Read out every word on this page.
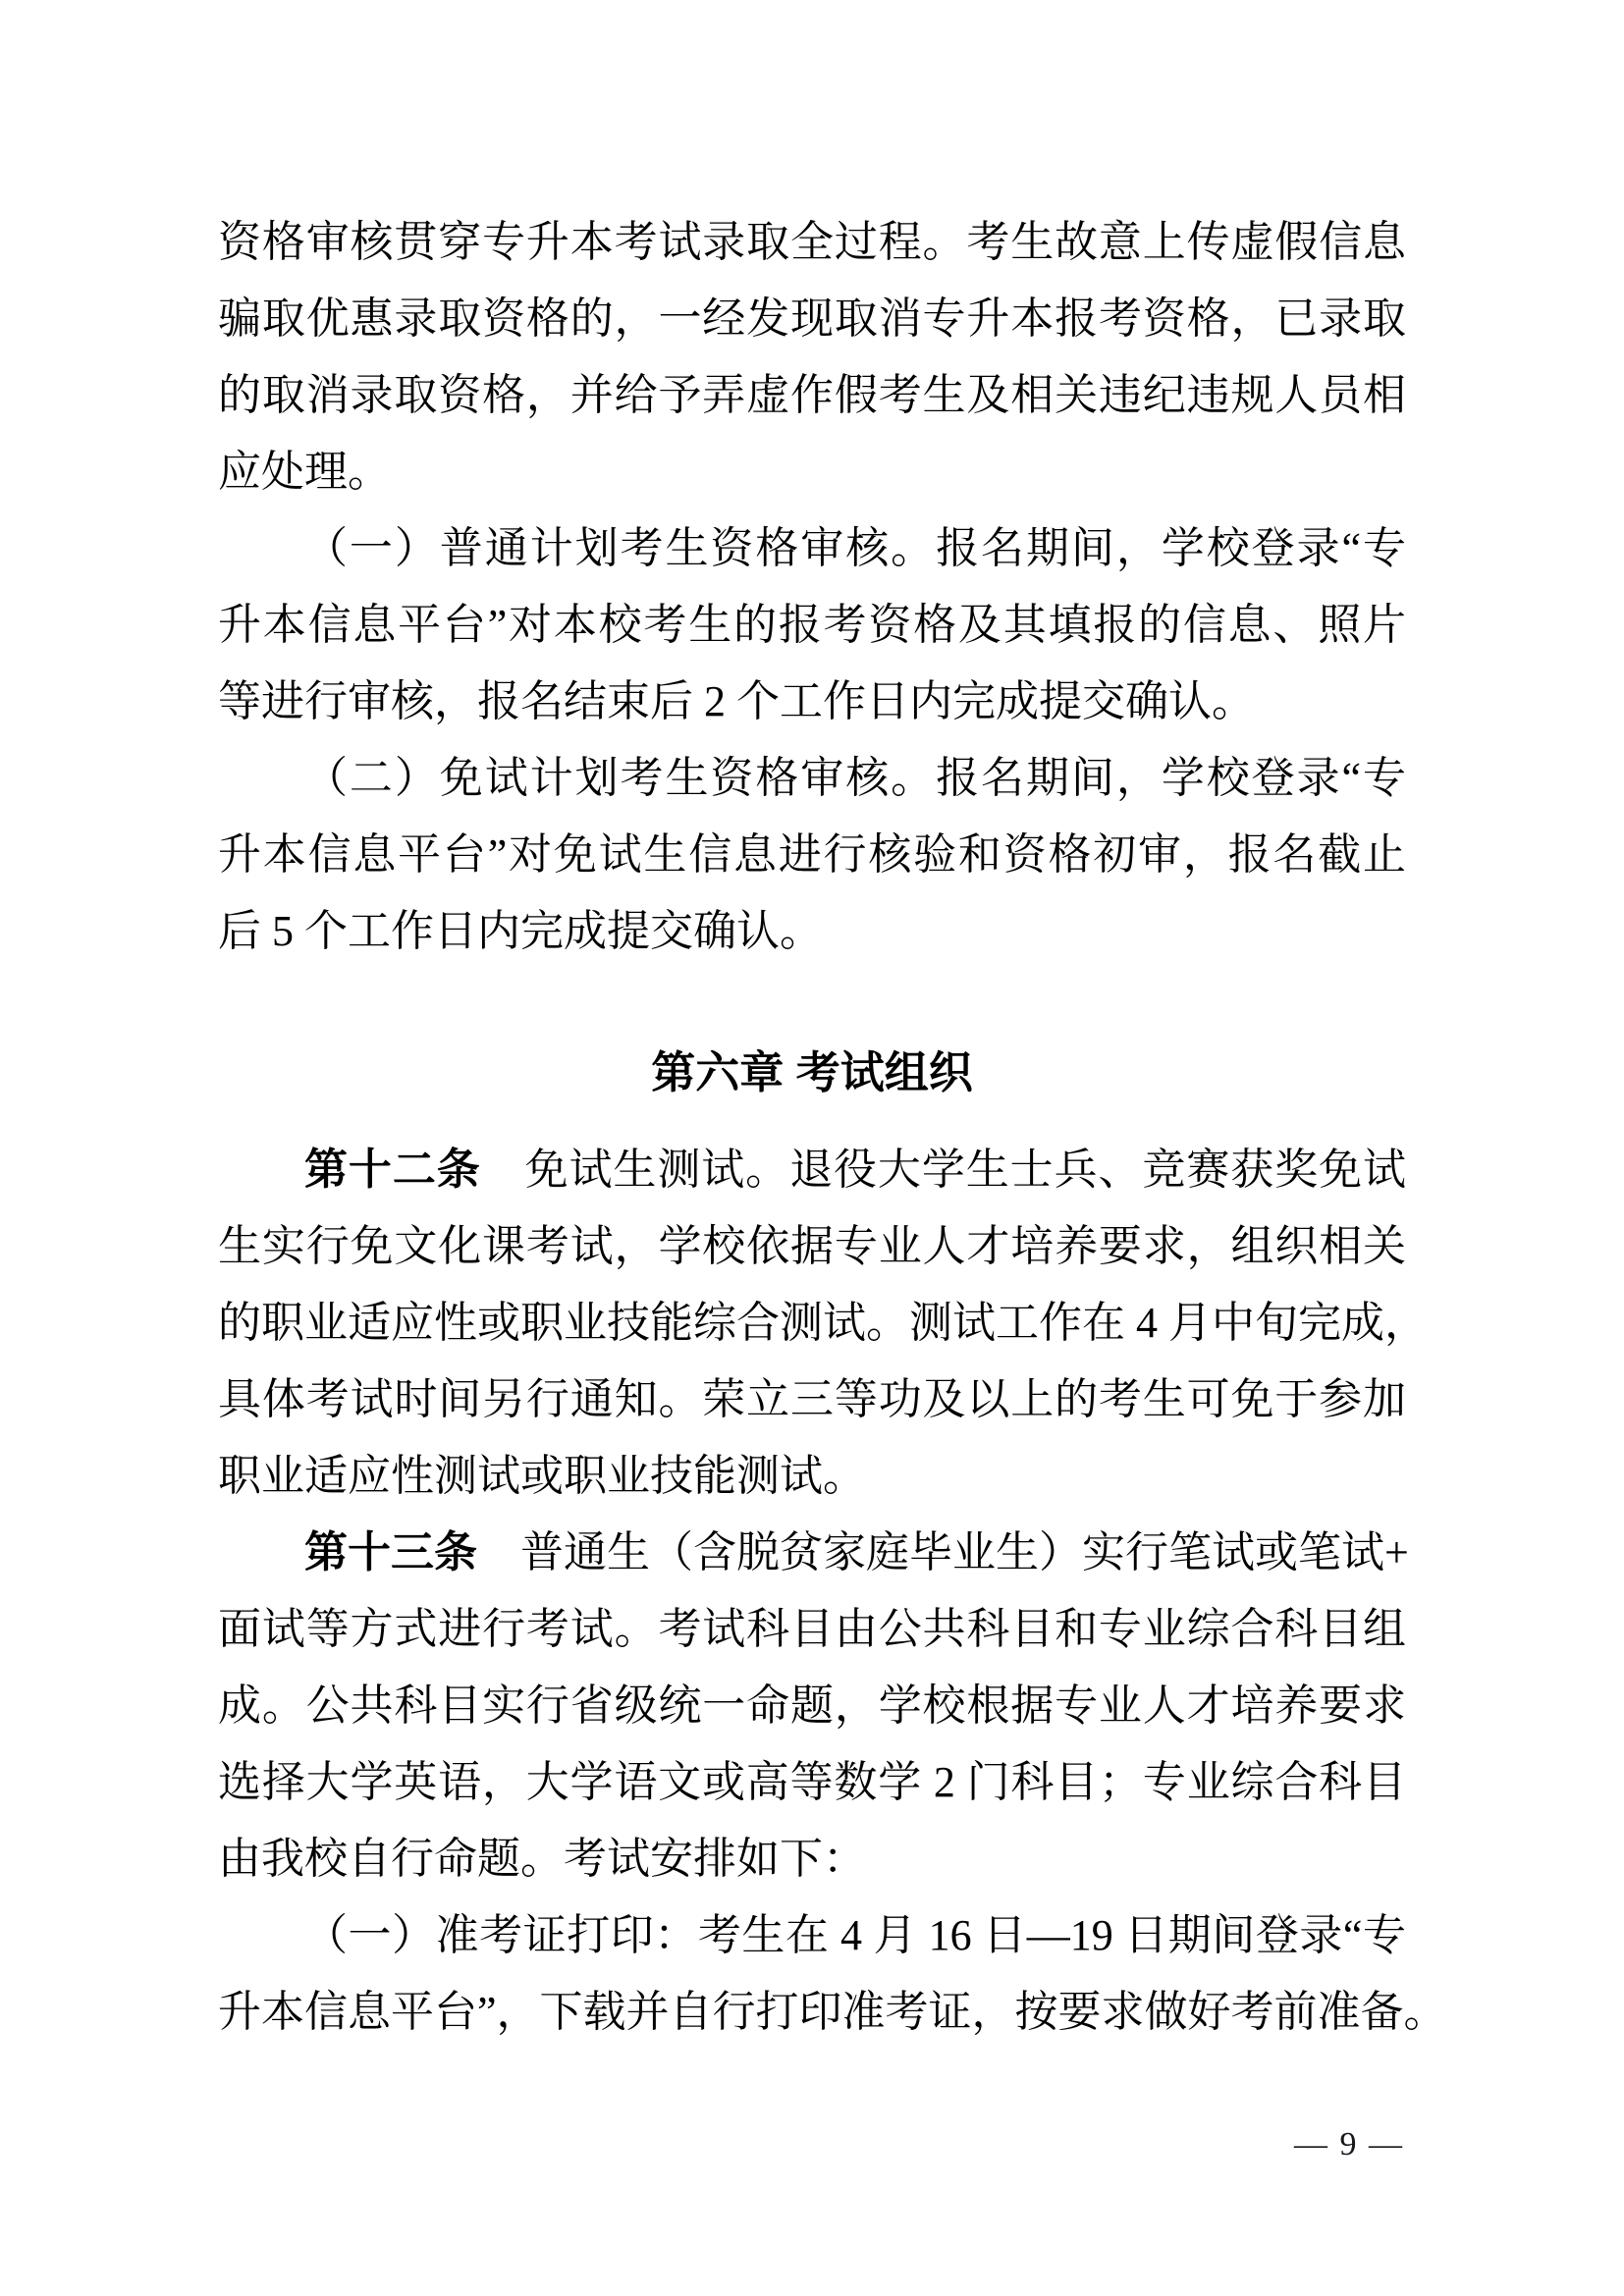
资格审核贯穿专升本考试录取全过程。考生故意上传虚假信息
骗取优惠录取资格的，一经发现取消专升本报考资格，已录取
的取消录取资格，并给予弄虚作假考生及相关违纪违规人员相
应处理。
（一）普通计划考生资格审核。报名期间，学校登录“专
升本信息平台”对本校考生的报考资格及其填报的信息、照片
等进行审核，报名结束后 2 个工作日内完成提交确认。
（二）免试计划考生资格审核。报名期间，学校登录“专
升本信息平台”对免试生信息进行核验和资格初审，报名截止
后 5 个工作日内完成提交确认。
第六章 考试组织
第十二条　免试生测试。退役大学生士兵、竞赛获奖免试
生实行免文化课考试，学校依据专业人才培养要求，组织相关
的职业适应性或职业技能综合测试。测试工作在 4 月中旬完成，
具体考试时间另行通知。荣立三等功及以上的考生可免于参加
职业适应性测试或职业技能测试。
第十三条　普通生（含脱贫家庭毕业生）实行笔试或笔试+
面试等方式进行考试。考试科目由公共科目和专业综合科目组
成。公共科目实行省级统一命题，学校根据专业人才培养要求
选择大学英语，大学语文或高等数学 2 门科目；专业综合科目
由我校自行命题。考试安排如下：
（一）准考证打印：考生在 4 月 16 日—19 日期间登录“专
升本信息平台”，下载并自行打印准考证，按要求做好考前准备。
— 9 —
